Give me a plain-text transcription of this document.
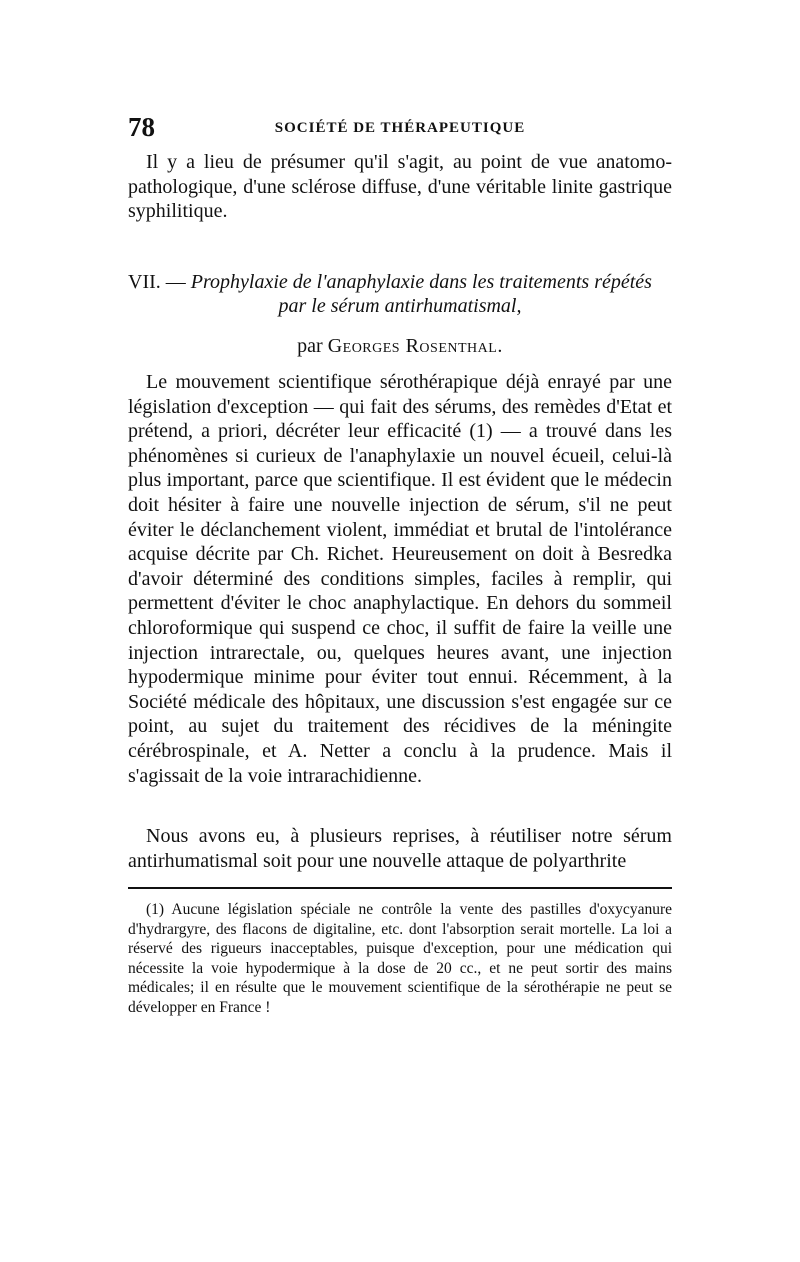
78	SOCIÉTÉ DE THÉRAPEUTIQUE

Il y a lieu de présumer qu'il s'agit, au point de vue anatomo-pathologique, d'une sclérose diffuse, d'une véritable linite gastrique syphilitique.

VII. — Prophylaxie de l'anaphylaxie dans les traitements répétés
par le sérum antirhumatismal,
par Georges Rosenthal.

Le mouvement scientifique sérothérapique déjà enrayé par une législation d'exception — qui fait des sérums, des remèdes d'Etat et prétend, a priori, décréter leur efficacité (1) — a trouvé dans les phénomènes si curieux de l'anaphylaxie un nouvel écueil, celui-là plus important, parce que scientifique. Il est évident que le médecin doit hésiter à faire une nouvelle injection de sérum, s'il ne peut éviter le déclanchement violent, immédiat et brutal de l'intolérance acquise décrite par Ch. Richet. Heureusement on doit à Besredka d'avoir déterminé des conditions simples, faciles à remplir, qui permettent d'éviter le choc anaphylactique. En dehors du sommeil chloroformique qui suspend ce choc, il suffit de faire la veille une injection intrarectale, ou, quelques heures avant, une injection hypodermique minime pour éviter tout ennui. Récemment, à la Société médicale des hôpitaux, une discussion s'est engagée sur ce point, au sujet du traitement des récidives de la méningite cérébrospinale, et A. Netter a conclu à la prudence. Mais il s'agissait de la voie intrarachidienne.

Nous avons eu, à plusieurs reprises, à réutiliser notre sérum antirhumatismal soit pour une nouvelle attaque de polyarthrite

(1) Aucune législation spéciale ne contrôle la vente des pastilles d'oxycyanure d'hydrargyre, des flacons de digitaline, etc. dont l'absorption serait mortelle. La loi a réservé des rigueurs inacceptables, puisque d'exception, pour une médication qui nécessite la voie hypodermique à la dose de 20 cc., et ne peut sortir des mains médicales; il en résulte que le mouvement scientifique de la sérothérapie ne peut se développer en France !
